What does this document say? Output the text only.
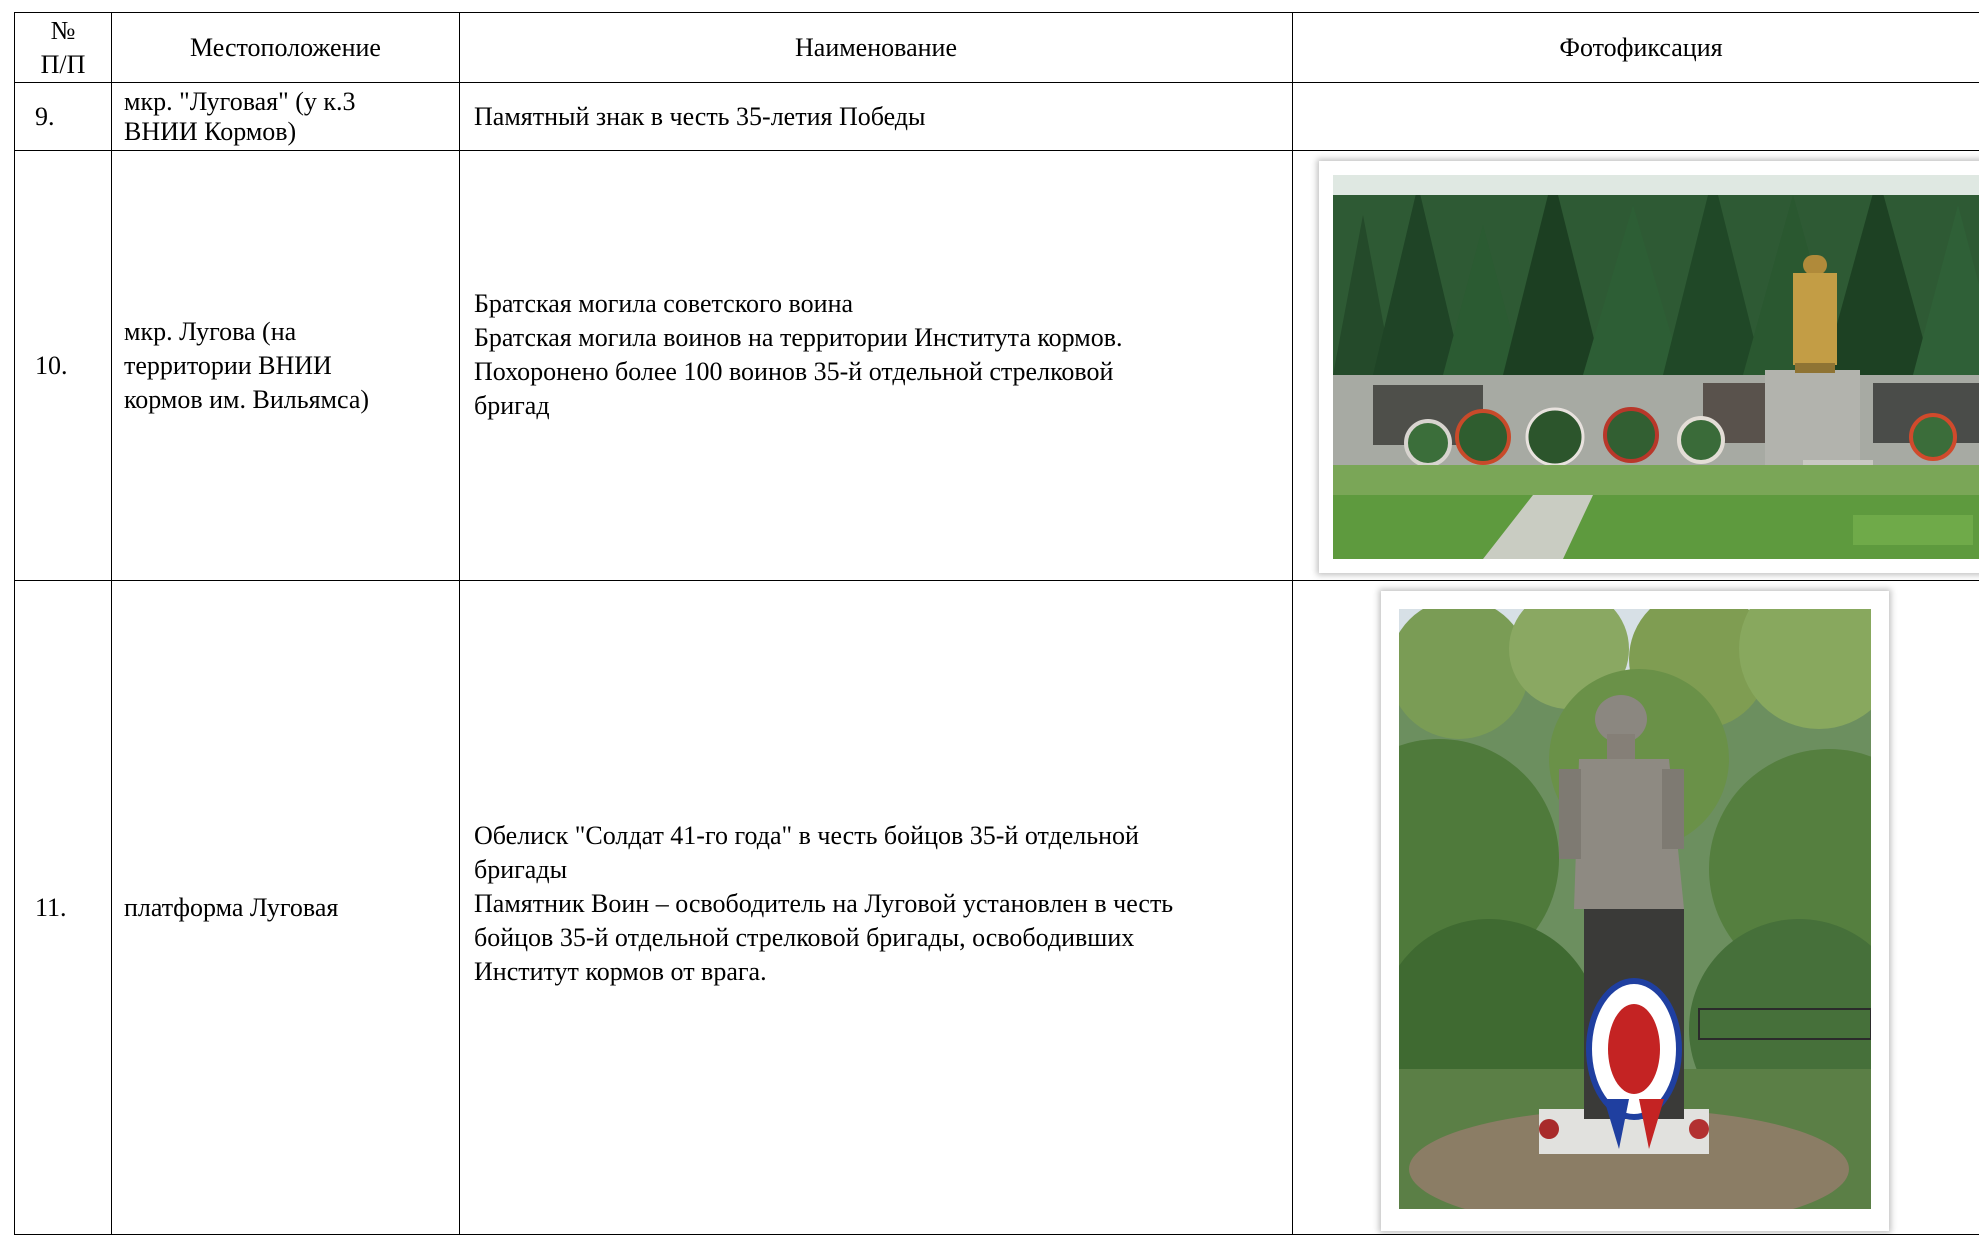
№
П/П	Местоположение	Наименование	Фотофиксация
9.	мкр. "Луговая" (у к.3
ВНИИ Кормов)	Памятный знак в честь 35-летия Победы	

10.	мкр. Лугова (на
территории ВНИИ
кормов им. Вильямса)	Братская могила советского воина
Братская могила воинов на территории Института кормов.
Похоронено более 100 воинов 35-й отдельной стрелковой
бригад

11.	платформа Луговая	Обелиск "Солдат 41-го года" в честь бойцов 35-й отдельной
бригады
Памятник Воин – освободитель на Луговой установлен в честь
бойцов 35-й отдельной стрелковой бригады, освободивших
Институт кормов от врага.
